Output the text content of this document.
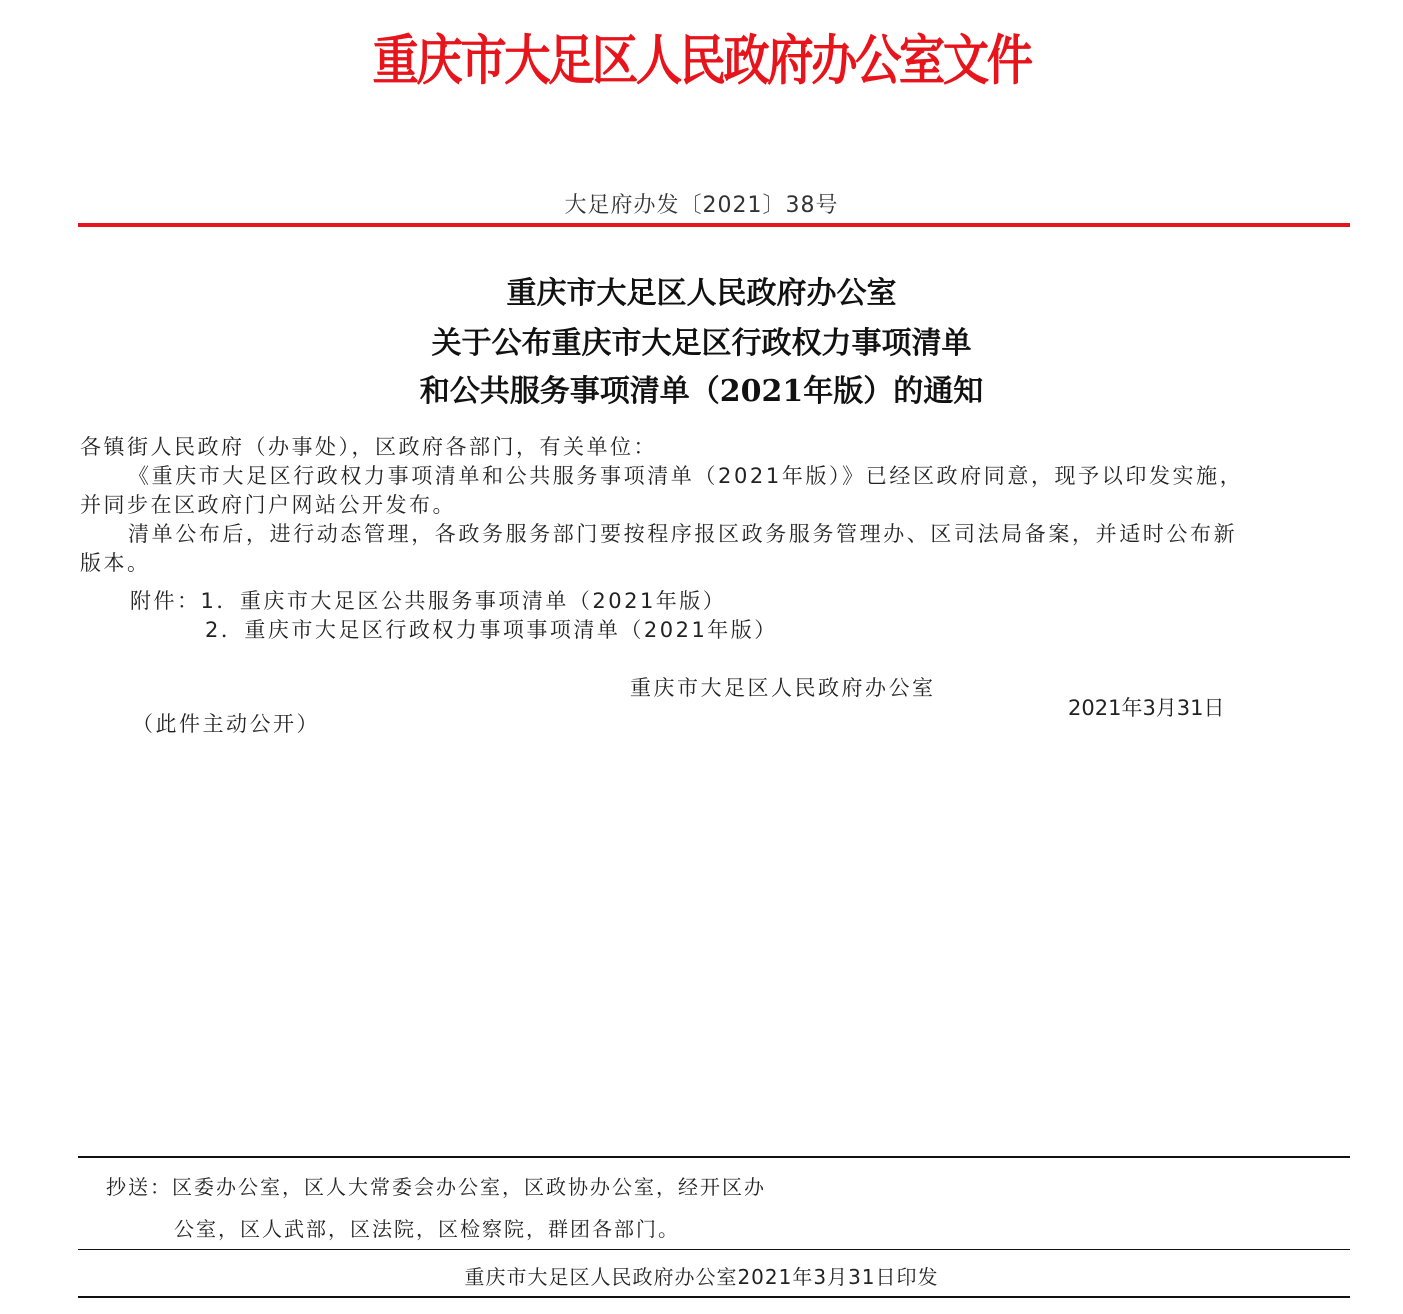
重庆市大足区人民政府办公室文件
大足府办发〔2021〕38号
重庆市大足区人民政府办公室
关于公布重庆市大足区行政权力事项清单
和公共服务事项清单（2021年版）的通知
各镇街人民政府（办事处），区政府各部门，有关单位：
《重庆市大足区行政权力事项清单和公共服务事项清单（2021年版）》已经区政府同意，现予以印发实施，
并同步在区政府门户网站公开发布。
清单公布后，进行动态管理，各政务服务部门要按程序报区政务服务管理办、区司法局备案，并适时公布新
版本。
附件：1．重庆市大足区公共服务事项清单（2021年版）
2．重庆市大足区行政权力事项事项清单（2021年版）
重庆市大足区人民政府办公室
2021年3月31日
（此件主动公开）
抄送：区委办公室，区人大常委会办公室，区政协办公室，经开区办
公室，区人武部，区法院，区检察院，群团各部门。
重庆市大足区人民政府办公室2021年3月31日印发
